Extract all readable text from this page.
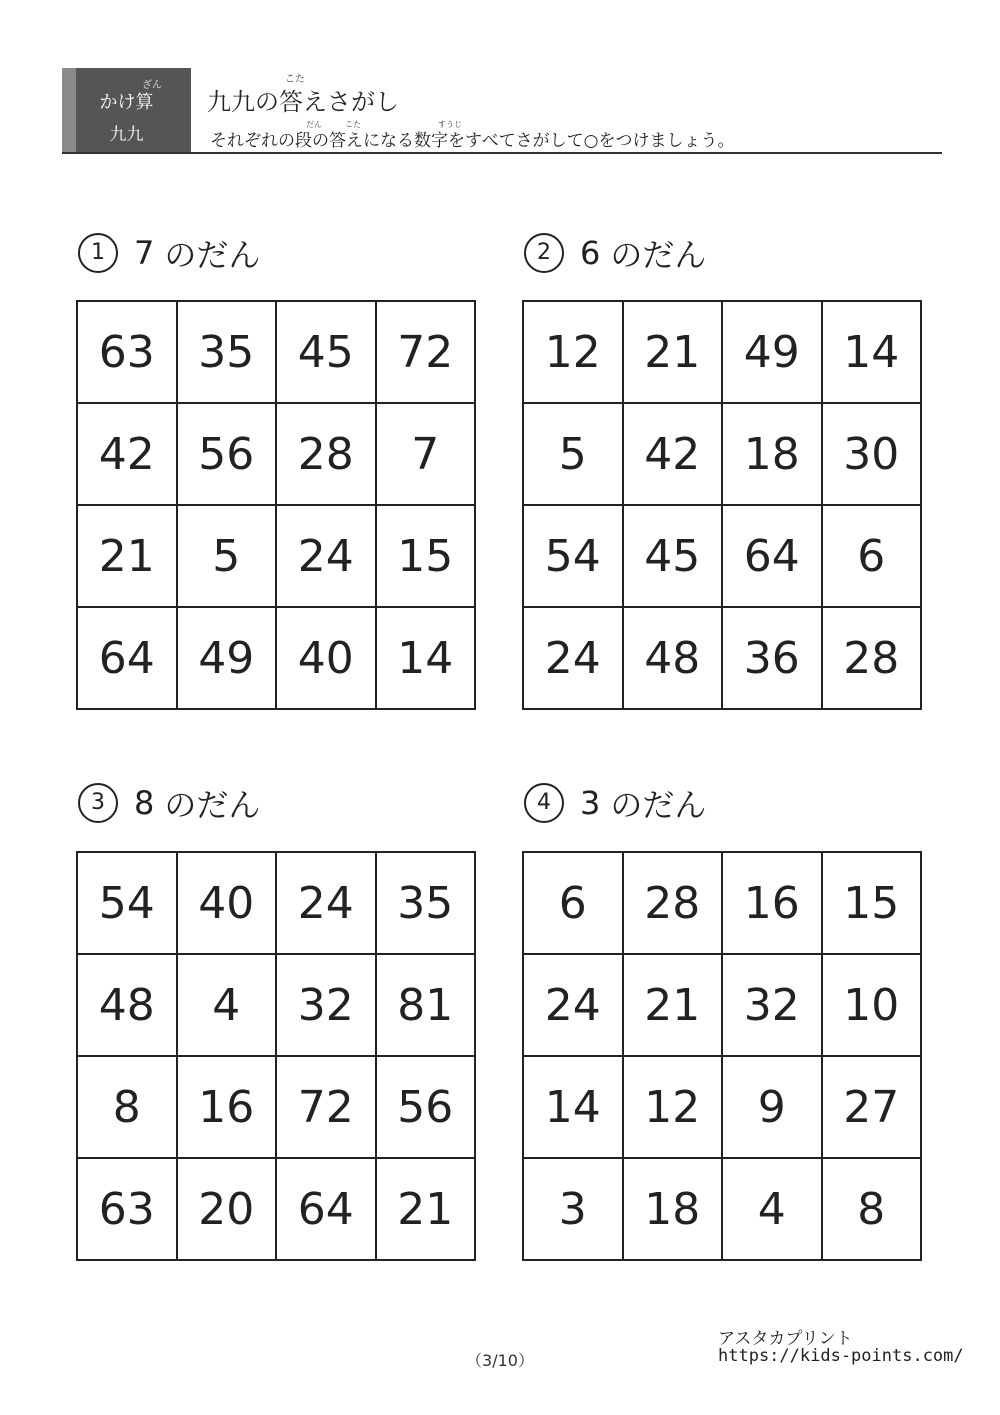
ざん
かけ算
九九
こた
九九の答えさがし
だん	こた	すうじ
それぞれの段の答えになる数字をすべてさがして○をつけましょう。
1 7 のだん
63	35	45	72
42	56	28	7
21	5	24	15
64	49	40	14
2 6 のだん
12	21	49	14
5	42	18	30
54	45	64	6
24	48	36	28
3 8 のだん
54	40	24	35
48	4	32	81
8	16	72	56
63	20	64	21
4 3 のだん
6	28	16	15
24	21	32	10
14	12	9	27
3	18	4	8
（3/10）
アスタカプリント
https://kids-points.com/
